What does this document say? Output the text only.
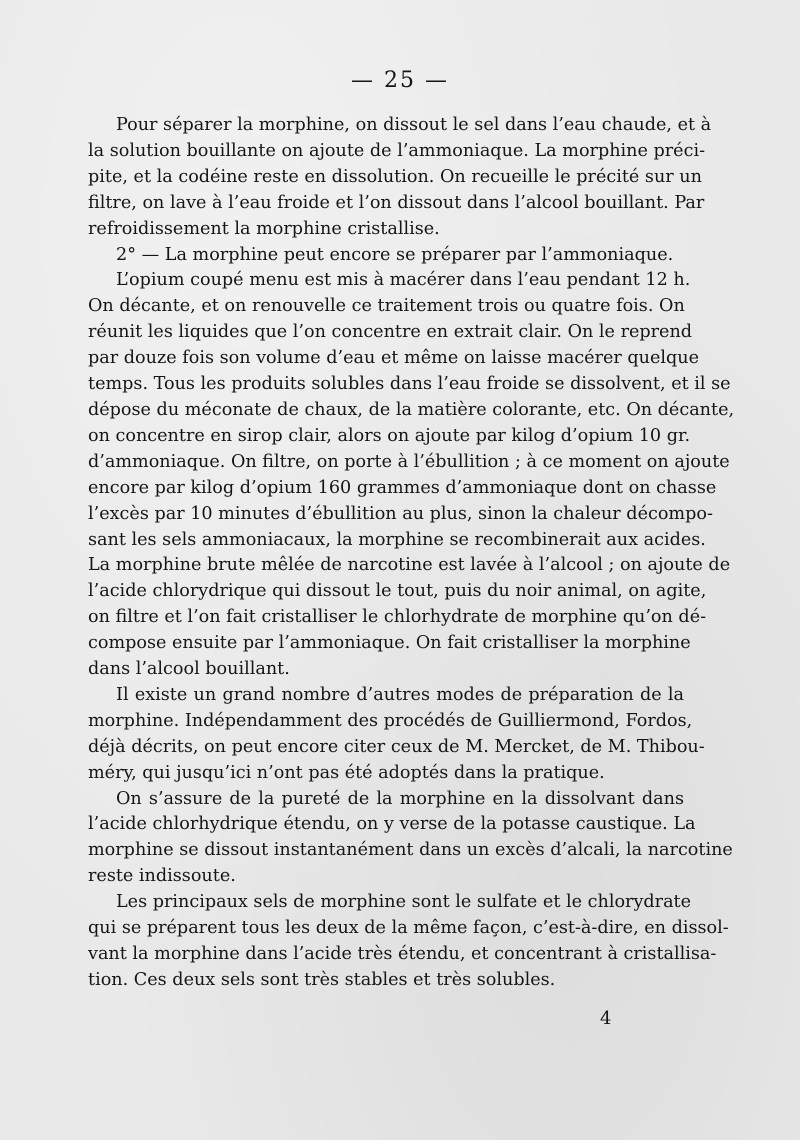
— 25 —

Pour séparer la morphine, on dissout le sel dans l’eau chaude, et à
la solution bouillante on ajoute de l’ammoniaque. La morphine préci-
pite, et la codéine reste en dissolution. On recueille le précité sur un
filtre, on lave à l’eau froide et l’on dissout dans l’alcool bouillant. Par
refroidissement la morphine cristallise.

2° — La morphine peut encore se préparer par l’ammoniaque.

L’opium coupé menu est mis à macérer dans l’eau pendant 12 h.
On décante, et on renouvelle ce traitement trois ou quatre fois. On
réunit les liquides que l’on concentre en extrait clair. On le reprend
par douze fois son volume d’eau et même on laisse macérer quelque
temps. Tous les produits solubles dans l’eau froide se dissolvent, et il se
dépose du méconate de chaux, de la matière colorante, etc. On décante,
on concentre en sirop clair, alors on ajoute par kilog d’opium 10 gr.
d’ammoniaque. On filtre, on porte à l’ébullition ; à ce moment on ajoute
encore par kilog d’opium 160 grammes d’ammoniaque dont on chasse
l’excès par 10 minutes d’ébullition au plus, sinon la chaleur décompo-
sant les sels ammoniacaux, la morphine se recombinerait aux acides.
La morphine brute mêlée de narcotine est lavée à l’alcool ; on ajoute de
l’acide chlorydrique qui dissout le tout, puis du noir animal, on agite,
on filtre et l’on fait cristalliser le chlorhydrate de morphine qu’on dé-
compose ensuite par l’ammoniaque. On fait cristalliser la morphine
dans l’alcool bouillant.

Il existe un grand nombre d’autres modes de préparation de la
morphine. Indépendamment des procédés de Guilliermond, Fordos,
déjà décrits, on peut encore citer ceux de M. Mercket, de M. Thibou-
méry, qui jusqu’ici n’ont pas été adoptés dans la pratique.

On s’assure de la pureté de la morphine en la dissolvant dans
l’acide chlorhydrique étendu, on y verse de la potasse caustique. La
morphine se dissout instantanément dans un excès d’alcali, la narcotine
reste indissoute.

Les principaux sels de morphine sont le sulfate et le chlorydrate
qui se préparent tous les deux de la même façon, c’est-à-dire, en dissol-
vant la morphine dans l’acide très étendu, et concentrant à cristallisa-
tion. Ces deux sels sont très stables et très solubles.

4
